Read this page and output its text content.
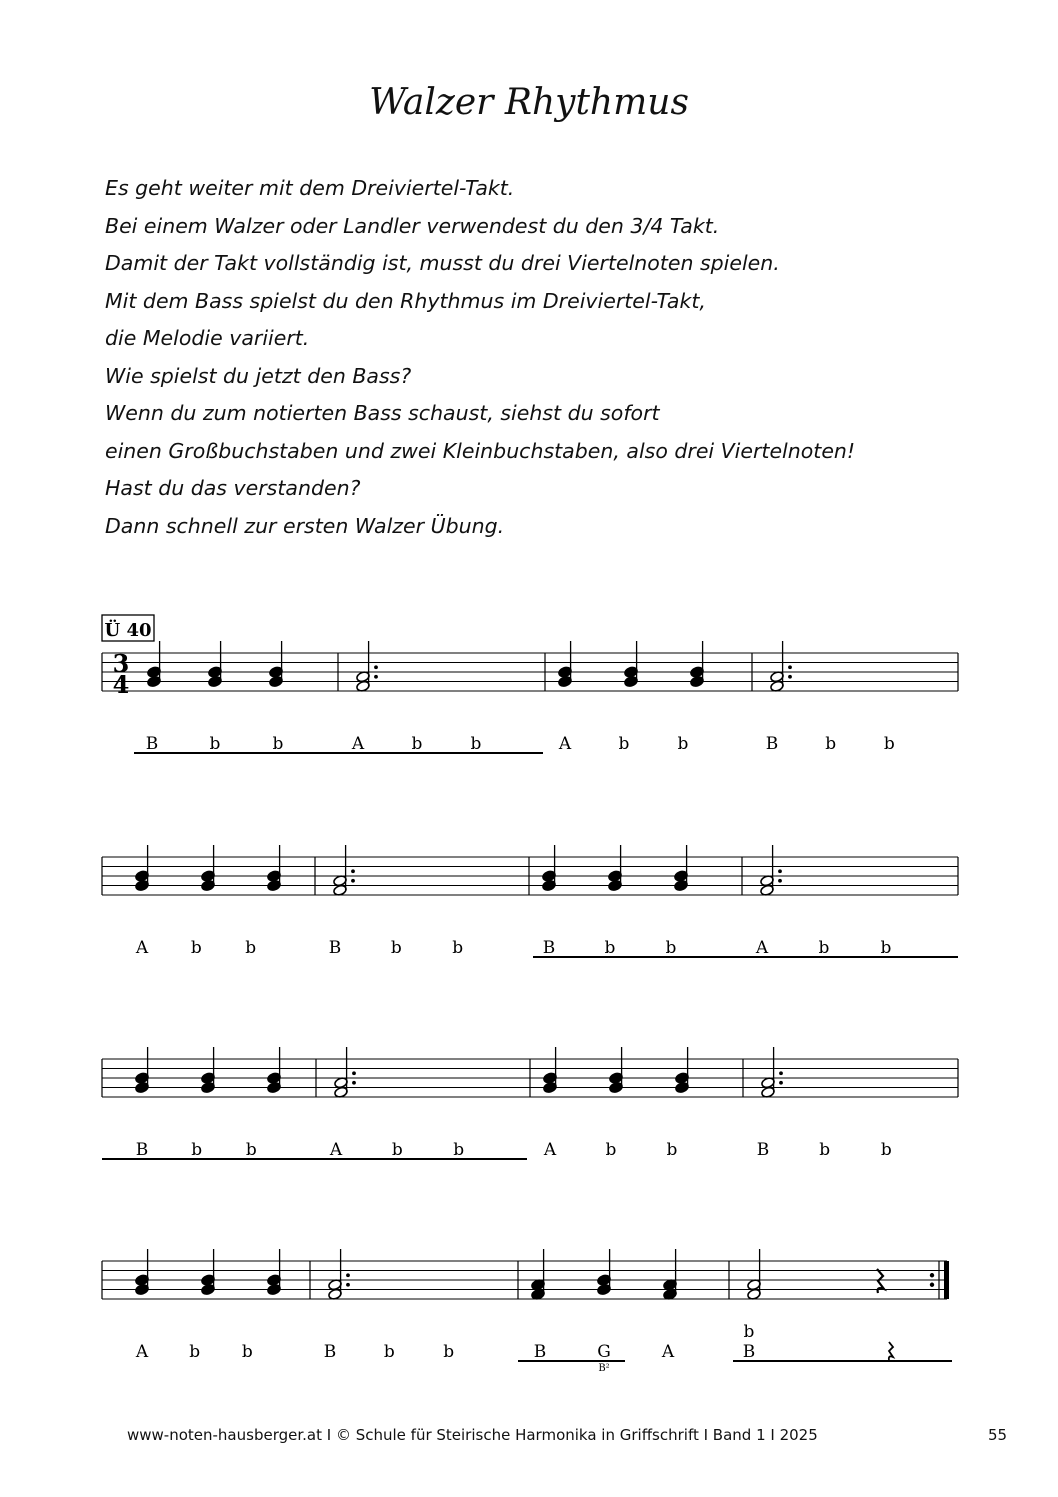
Walzer Rhythmus
Es geht weiter mit dem Dreiviertel-Takt.
Bei einem Walzer oder Landler verwendest du den 3/4 Takt.
Damit der Takt vollständig ist, musst du drei Viertelnoten spielen.
Mit dem Bass spielst du den Rhythmus im Dreiviertel-Takt,
die Melodie variiert.
Wie spielst du jetzt den Bass?
Wenn du zum notierten Bass schaust, siehst du sofort
einen Großbuchstaben und zwei Kleinbuchstaben, also drei Viertelnoten!
Hast du das verstanden?
Dann schnell zur ersten Walzer Übung.
Ü 40
3
4
B	b	b	A	b	b	A	b	b	B	b	b
A	b	b	B	b	b	B	b	b	A	b	b
B	b	b	A	b	b	A	b	b	B	b	b
A b b	B	b	b	B	G	A
B²
B
b
www-noten-hausberger.at I © Schule für Steirische Harmonika in Griffschrift I Band 1 I 2025	55
